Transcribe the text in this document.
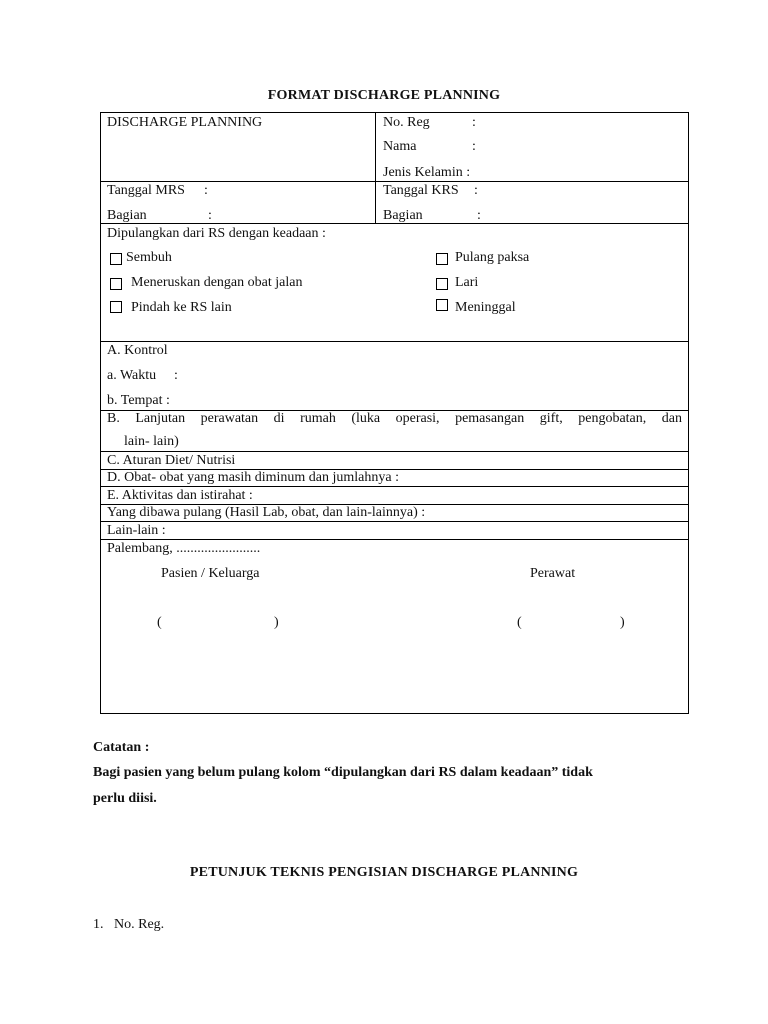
FORMAT DISCHARGE PLANNING
DISCHARGE PLANNING	No. Reg	:
Nama	:
Jenis Kelamin :
Tanggal MRS :	Tanggal KRS :
Bagian	:	Bagian	:
Dipulangkan dari RS dengan keadaan :
Sembuh
Meneruskan dengan obat jalan
Pindah ke RS lain
Pulang paksa
Lari
Meninggal
A. Kontrol
a. Waktu :
b. Tempat :
B. Lanjutan perawatan di rumah (luka operasi, pemasangan gift, pengobatan, dan
lain- lain)
C. Aturan Diet/ Nutrisi
D. Obat- obat yang masih diminum dan jumlahnya :
E. Aktivitas dan istirahat :
Yang dibawa pulang (Hasil Lab, obat, dan lain-lainnya) :
Lain-lain :
Palembang, ........................
Pasien / Keluarga	Perawat
(	)	(	)
Catatan :
Bagi pasien yang belum pulang kolom “dipulangkan dari RS dalam keadaan” tidak
perlu diisi.
PETUNJUK TEKNIS PENGISIAN DISCHARGE PLANNING
1.   No. Reg.
